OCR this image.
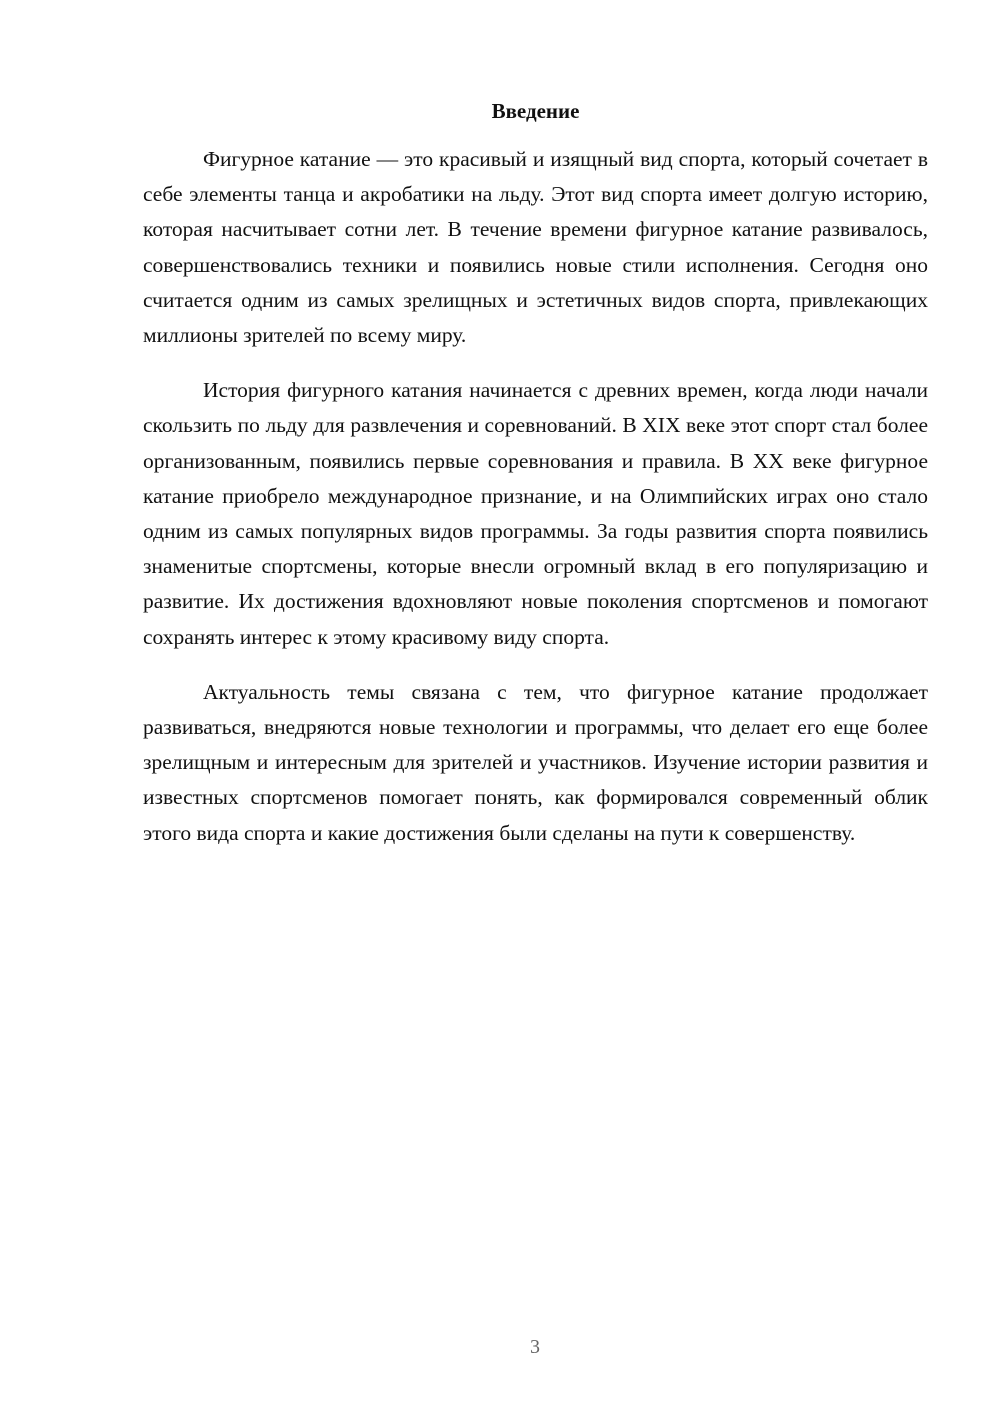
Введение

Фигурное катание — это красивый и изящный вид спорта, который сочетает в себе элементы танца и акробатики на льду. Этот вид спорта имеет долгую историю, которая насчитывает сотни лет. В течение времени фигурное катание развивалось, совершенствовались техники и появились новые стили исполнения. Сегодня оно считается одним из самых зрелищных и эстетичных видов спорта, привлекающих миллионы зрителей по всему миру.

История фигурного катания начинается с древних времен, когда люди начали скользить по льду для развлечения и соревнований. В XIX веке этот спорт стал более организованным, появились первые соревнования и правила. В XX веке фигурное катание приобрело международное признание, и на Олимпийских играх оно стало одним из самых популярных видов программы. За годы развития спорта появились знаменитые спортсмены, которые внесли огромный вклад в его популяризацию и развитие. Их достижения вдохновляют новые поколения спортсменов и помогают сохранять интерес к этому красивому виду спорта.

Актуальность темы связана с тем, что фигурное катание продолжает развиваться, внедряются новые технологии и программы, что делает его еще более зрелищным и интересным для зрителей и участников. Изучение истории развития и известных спортсменов помогает понять, как формировался современный облик этого вида спорта и какие достижения были сделаны на пути к совершенству.

3
